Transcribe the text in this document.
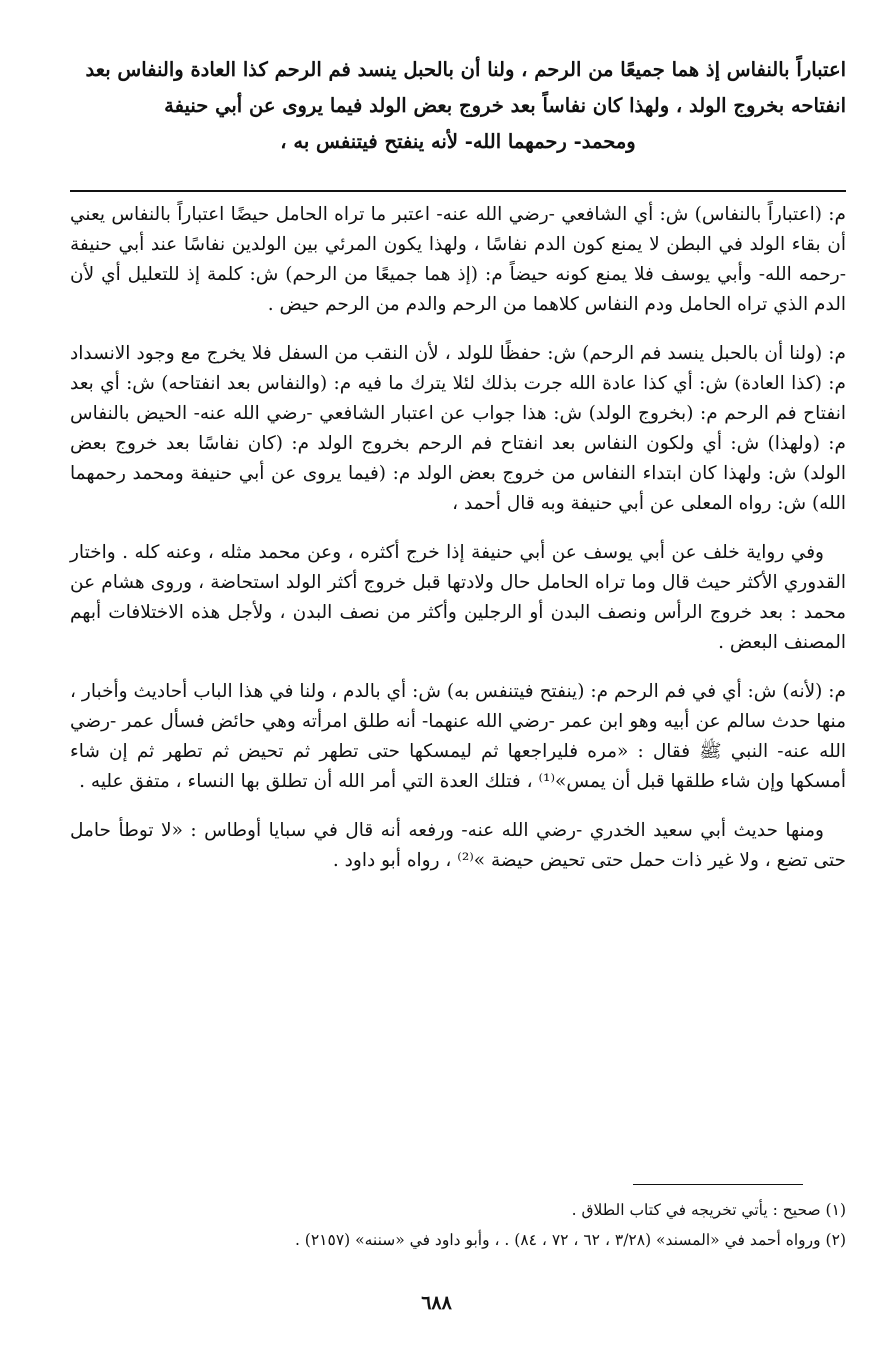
اعتباراً بالنفاس إذ هما جميعًا من الرحم ، ولنا أن بالحبل ينسد فم الرحم كذا العادة والنفاس بعد
انفتاحه بخروج الولد ، ولهذا كان نفاساً بعد خروج بعض الولد فيما يروى عن أبي حنيفة
ومحمد- رحمهما الله- لأنه ينفتح فيتنفس به ،

م: (اعتباراً بالنفاس) ش: أي الشافعي -رضي الله عنه- اعتبر ما تراه الحامل حيضًا اعتباراً بالنفاس يعني أن بقاء الولد في البطن لا يمنع كون الدم نفاسًا ، ولهذا يكون المرئي بين الولدين نفاسًا عند أبي حنيفة -رحمه الله- وأبي يوسف فلا يمنع كونه حيضاً م: (إذ هما جميعًا من الرحم) ش: كلمة إذ للتعليل أي لأن الدم الذي تراه الحامل ودم النفاس كلاهما من الرحم والدم من الرحم حيض .

م: (ولنا أن بالحبل ينسد فم الرحم) ش: حفظًا للولد ، لأن النقب من السفل فلا يخرج مع وجود الانسداد م: (كذا العادة) ش: أي كذا عادة الله جرت بذلك لئلا يترك ما فيه م: (والنفاس بعد انفتاحه) ش: أي بعد انفتاح فم الرحم م: (بخروج الولد) ش: هذا جواب عن اعتبار الشافعي -رضي الله عنه- الحيض بالنفاس م: (ولهذا) ش: أي ولكون النفاس بعد انفتاح فم الرحم بخروج الولد م: (كان نفاسًا بعد خروج بعض الولد) ش: ولهذا كان ابتداء النفاس من خروج بعض الولد م: (فيما يروى عن أبي حنيفة ومحمد رحمهما الله) ش: رواه المعلى عن أبي حنيفة وبه قال أحمد ،

وفي رواية خلف عن أبي يوسف عن أبي حنيفة إذا خرج أكثره ، وعن محمد مثله ، وعنه كله . واختار القدوري الأكثر حيث قال وما تراه الحامل حال ولادتها قبل خروج أكثر الولد استحاضة ، وروى هشام عن محمد : بعد خروج الرأس ونصف البدن أو الرجلين وأكثر من نصف البدن ، ولأجل هذه الاختلافات أبهم المصنف البعض .

م: (لأنه) ش: أي في فم الرحم م: (ينفتح فيتنفس به) ش: أي بالدم ، ولنا في هذا الباب أحاديث وأخبار ، منها حدث سالم عن أبيه وهو ابن عمر -رضي الله عنهما- أنه طلق امرأته وهي حائض فسأل عمر -رضي الله عنه- النبي ﷺ فقال : «مره فليراجعها ثم ليمسكها حتى تطهر ثم تحيض ثم تطهر ثم إن شاء أمسكها وإن شاء طلقها قبل أن يمس»⁽¹⁾ ، فتلك العدة التي أمر الله أن تطلق بها النساء ، متفق عليه .

ومنها حديث أبي سعيد الخدري -رضي الله عنه- ورفعه أنه قال في سبايا أوطاس : «لا توطأ حامل حتى تضع ، ولا غير ذات حمل حتى تحيض حيضة »⁽²⁾ ، رواه أبو داود .

(١) صحيح : يأتي تخريجه في كتاب الطلاق .
(٢) ورواه أحمد في «المسند» (٣/٢٨ ، ٦٢ ، ٧٢ ، ٨٤) . ، وأبو داود في «سننه» (٢١٥٧) .
٦٨٨
